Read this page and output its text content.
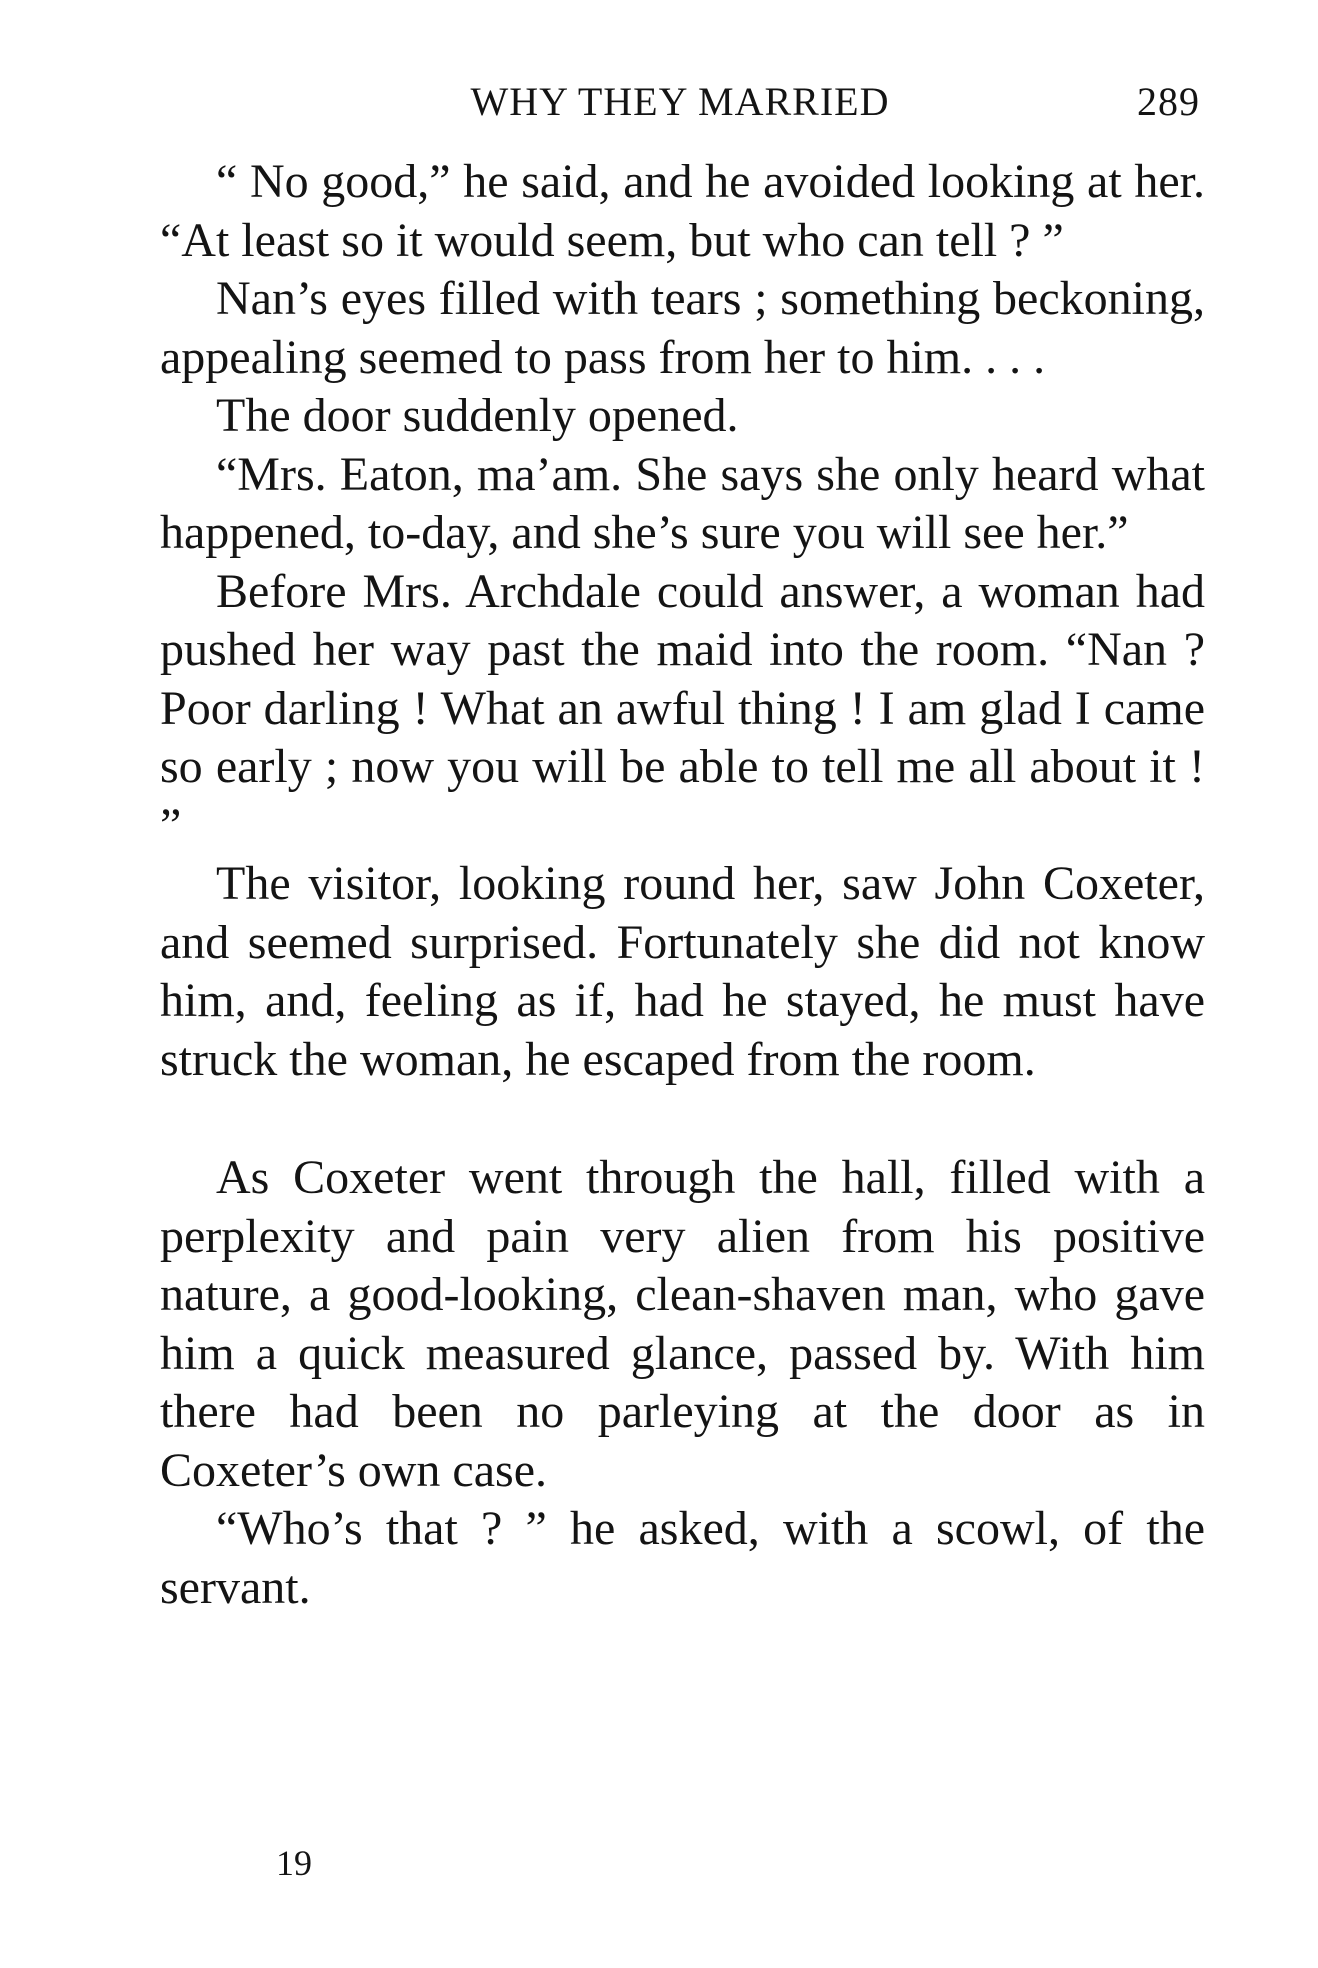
WHY THEY MARRIED	289

“ No good,” he said, and he avoided looking at her. “At least so it would seem, but who can tell ? ”

Nan’s eyes filled with tears ; something beckoning, appealing seemed to pass from her to him. . . .

The door suddenly opened.

“Mrs. Eaton, ma’am. She says she only heard what happened, to-day, and she’s sure you will see her.”

Before Mrs. Archdale could answer, a woman had pushed her way past the maid into the room. “Nan ? Poor darling ! What an awful thing ! I am glad I came so early ; now you will be able to tell me all about it ! ”

The visitor, looking round her, saw John Coxeter, and seemed surprised. Fortunately she did not know him, and, feeling as if, had he stayed, he must have struck the woman, he escaped from the room.

As Coxeter went through the hall, filled with a perplexity and pain very alien from his positive nature, a good-looking, clean-shaven man, who gave him a quick measured glance, passed by. With him there had been no parleying at the door as in Coxeter’s own case.

“Who’s that ? ” he asked, with a scowl, of the servant.

19
